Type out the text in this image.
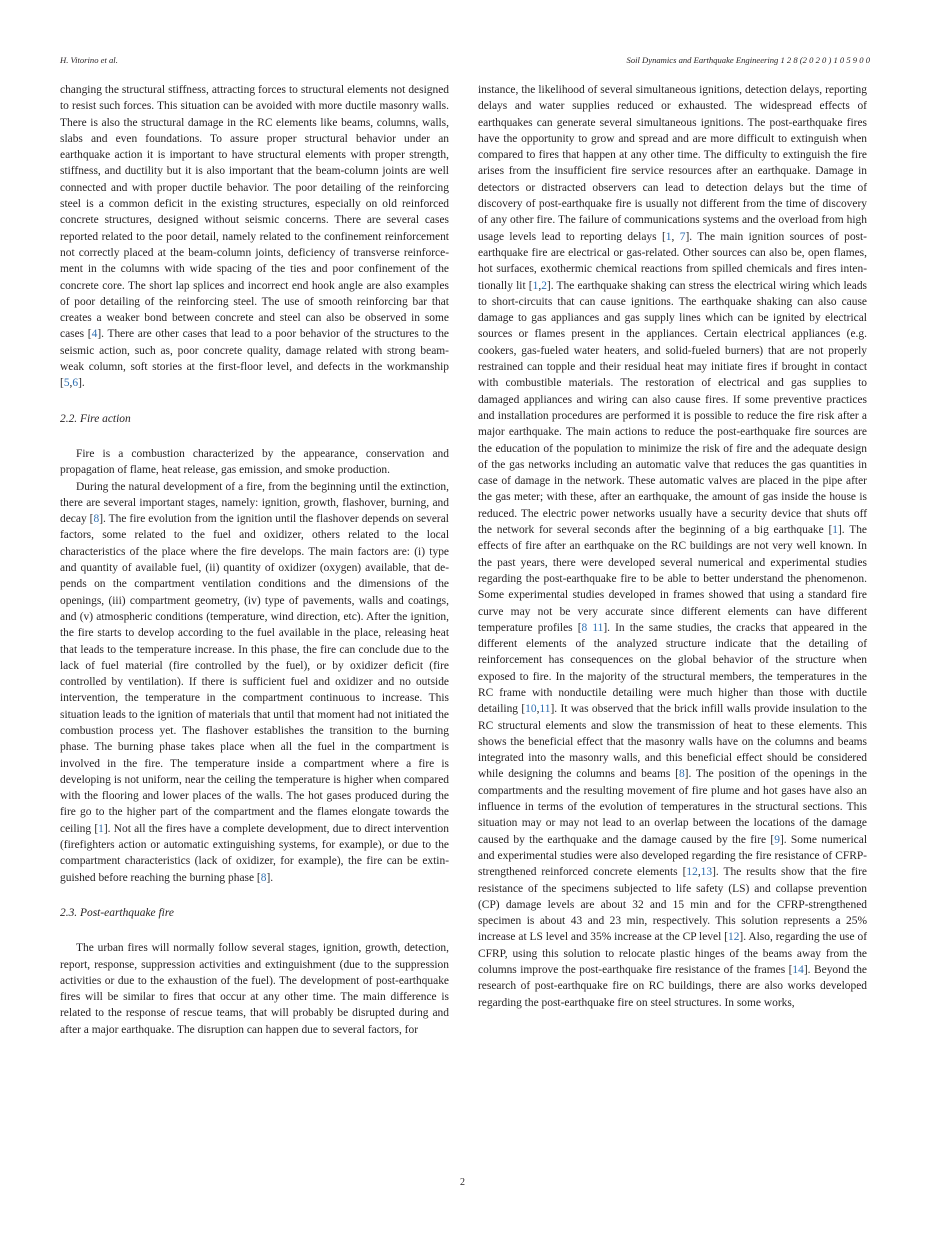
H. Vitorino et al.	Soil Dynamics and Earthquake Engineering 1 2 8 (2 0 2 0 ) 1 0 5 9 0 0

changing the structural stiffness, attracting forces to structural elements not designed to resist such forces. This situation can be avoided with more ductile masonry walls. There is also the structural damage in the RC elements like beams, columns, walls, slabs and even foundations. To assure proper structural behavior under an earthquake action it is important to have structural elements with proper strength, stiffness, and ductility but it is also important that the beam-column joints are well connected and with proper ductile behavior. The poor detailing of the reinforcing steel is a common deficit in the existing structures, especially on old reinforced concrete structures, designed without seismic concerns. There are several cases reported related to the poor detail, namely related to the confinement reinforcement not correctly placed at the beam-column joints, deficiency of transverse reinforcement in the columns with wide spacing of the ties and poor confinement of the concrete core. The short lap splices and incorrect end hook angle are also examples of poor detailing of the reinforcing steel. The use of smooth reinforcing bar that creates a weaker bond between concrete and steel can also be observed in some cases [4]. There are other cases that lead to a poor behavior of the structures to the seismic action, such as, poor concrete quality, damage related with strong beam-weak column, soft stories at the first-floor level, and defects in the workmanship [5,6].

2.2. Fire action

Fire is a combustion characterized by the appearance, conservation and propagation of flame, heat release, gas emission, and smoke production.

During the natural development of a fire, from the beginning until the extinction, there are several important stages, namely: ignition, growth, flashover, burning, and decay [8]. The fire evolution from the ignition until the flashover depends on several factors, some related to the fuel and oxidizer, others related to the local characteristics of the place where the fire develops. The main factors are: (i) type and quantity of available fuel, (ii) quantity of oxidizer (oxygen) available, that depends on the compartment ventilation conditions and the dimensions of the openings, (iii) compartment geometry, (iv) type of pavements, walls and coatings, and (v) atmospheric conditions (temperature, wind direction, etc). After the ignition, the fire starts to develop according to the fuel available in the place, releasing heat that leads to the temperature increase. In this phase, the fire can conclude due to the lack of fuel material (fire controlled by the fuel), or by oxidizer deficit (fire controlled by ventilation). If there is sufficient fuel and oxidizer and no outside intervention, the temperature in the compartment continuous to increase. This situation leads to the ignition of materials that until that moment had not initiated the combustion process yet. The flashover establishes the transition to the burning phase. The burning phase takes place when all the fuel in the compartment is involved in the fire. The temperature inside a compartment where a fire is developing is not uniform, near the ceiling the temperature is higher when compared with the flooring and lower places of the walls. The hot gases produced during the fire go to the higher part of the compartment and the flames elongate towards the ceiling [1]. Not all the fires have a complete development, due to direct intervention (firefighters action or automatic extinguishing systems, for example), or due to the compartment characteristics (lack of oxidizer, for example), the fire can be extinguished before reaching the burning phase [8].

2.3. Post-earthquake fire

The urban fires will normally follow several stages, ignition, growth, detection, report, response, suppression activities and extinguishment (due to the suppression activities or due to the exhaustion of the fuel). The development of post-earthquake fires will be similar to fires that occur at any other time. The main difference is related to the response of rescue teams, that will probably be disrupted during and after a major earthquake. The disruption can happen due to several factors, for

instance, the likelihood of several simultaneous ignitions, detection delays, reporting delays and water supplies reduced or exhausted. The widespread effects of earthquakes can generate several simultaneous ignitions. The post-earthquake fires have the opportunity to grow and spread and are more difficult to extinguish when compared to fires that happen at any other time. The difficulty to extinguish the fire arises from the insufficient fire service resources after an earthquake. Damage in detectors or distracted observers can lead to detection delays but the time of discovery of post-earthquake fire is usually not different from the time of discovery of any other fire. The failure of communications systems and the overload from high usage levels lead to reporting delays [1, 7]. The main ignition sources of post-earthquake fire are electrical or gas-related. Other sources can also be, open flames, hot surfaces, exothermic chemical reactions from spilled chemicals and fires intentionally lit [1,2]. The earthquake shaking can stress the electrical wiring which leads to short-circuits that can cause ignitions. The earthquake shaking can also cause damage to gas appliances and gas supply lines which can be ignited by electrical sources or flames present in the appliances. Certain electrical appliances (e.g. cookers, gas-fueled water heaters, and solid-fueled burners) that are not properly restrained can topple and their residual heat may initiate fires if brought in contact with combustible materials. The restoration of electrical and gas supplies to damaged appliances and wiring can also cause fires. If some preventive practices and installation procedures are performed it is possible to reduce the fire risk after a major earthquake. The main actions to reduce the post-earthquake fire sources are the education of the population to minimize the risk of fire and the adequate design of the gas networks including an automatic valve that reduces the gas quantities in case of damage in the network. These automatic valves are placed in the pipe after the gas meter; with these, after an earthquake, the amount of gas inside the house is reduced. The electric power networks usually have a security device that shuts off the network for several seconds after the beginning of a big earthquake [1]. The effects of fire after an earthquake on the RC buildings are not very well known. In the past years, there were developed several numerical and experimental studies regarding the post-earthquake fire to be able to better understand the phenomenon. Some experimental studies developed in frames showed that using a standard fire curve may not be very accurate since different elements can have different temperature profiles [8 11]. In the same studies, the cracks that appeared in the different elements of the analyzed structure indicate that the detailing of reinforcement has consequences on the global behavior of the structure when exposed to fire. In the majority of the structural members, the temperatures in the RC frame with nonductile detailing were much higher than those with ductile detailing [10,11]. It was observed that the brick infill walls provide insulation to the RC structural elements and slow the transmission of heat to these elements. This shows the beneficial effect that the masonry walls have on the columns and beams integrated into the masonry walls, and this beneficial effect should be considered while designing the columns and beams [8]. The position of the openings in the compartments and the resulting movement of fire plume and hot gases have also an influence in terms of the evolution of temperatures in the structural sections. This situation may or may not lead to an overlap between the locations of the damage caused by the earthquake and the damage caused by the fire [9]. Some numerical and experimental studies were also developed regarding the fire resistance of CFRP-strengthened reinforced concrete elements [12,13]. The results show that the fire resistance of the specimens subjected to life safety (LS) and collapse prevention (CP) damage levels are about 32 and 15 min and for the CFRP-strengthened specimen is about 43 and 23 min, respectively. This solution represents a 25% increase at LS level and 35% increase at the CP level [12]. Also, regarding the use of CFRP, using this solution to relocate plastic hinges of the beams away from the columns improve the post-earthquake fire resistance of the frames [14]. Beyond the research of post-earthquake fire on RC buildings, there are also works developed regarding the post-earthquake fire on steel structures. In some works,

2
